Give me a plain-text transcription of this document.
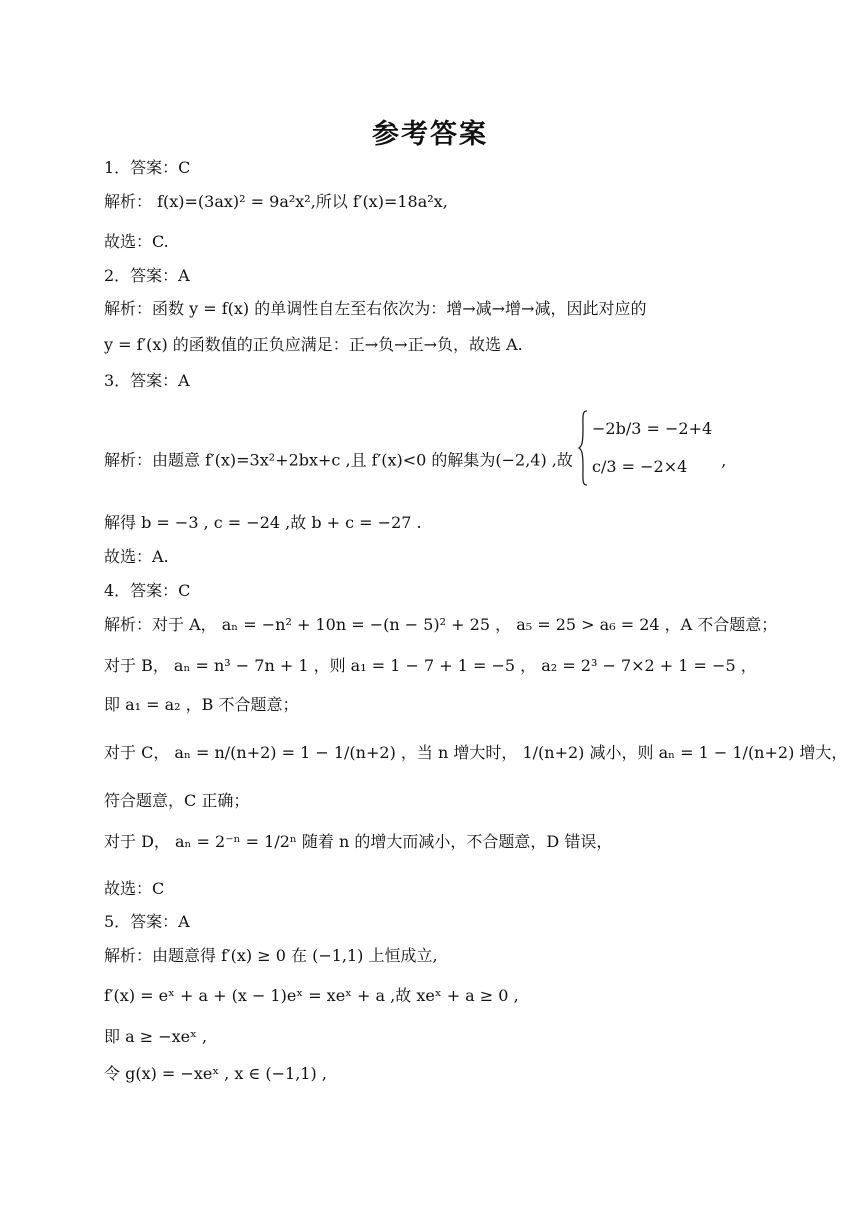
参考答案
1．答案：C
解析： f(x)=(3ax)² = 9a²x²,所以 f′(x)=18a²x,
故选：C.
2．答案：A
解析：函数 y = f(x) 的单调性自左至右依次为：增→减→增→减，因此对应的
y = f′(x) 的函数值的正负应满足：正→负→正→负，故选 A.
3．答案：A
解析：由题意 f′(x)=3x²+2bx+c ,且 f′(x)<0 的解集为(−2,4) ,故
−2b/3 = −2+4
c/3 = −2×4	,
解得 b = −3 , c = −24 ,故 b + c = −27 .
故选：A.
4．答案：C
解析：对于 A， aₙ = −n² + 10n = −(n − 5)² + 25 ， a₅ = 25 > a₆ = 24 ，A 不合题意；
对于 B， aₙ = n³ − 7n + 1 ，则 a₁ = 1 − 7 + 1 = −5 ， a₂ = 2³ − 7×2 + 1 = −5 ，
即 a₁ = a₂ ，B 不合题意；
对于 C， aₙ = n/(n+2) = 1 − 1/(n+2) ，当 n 增大时， 1/(n+2) 减小，则 aₙ = 1 − 1/(n+2) 增大，
符合题意，C 正确；
对于 D， aₙ = 2⁻ⁿ = 1/2ⁿ 随着 n 的增大而减小，不合题意，D 错误，
故选：C
5．答案：A
解析：由题意得 f′(x) ≥ 0 在 (−1,1) 上恒成立,
f′(x) = eˣ + a + (x − 1)eˣ = xeˣ + a ,故 xeˣ + a ≥ 0 ,
即 a ≥ −xeˣ ,
令 g(x) = −xeˣ , x ∈ (−1,1) ,
